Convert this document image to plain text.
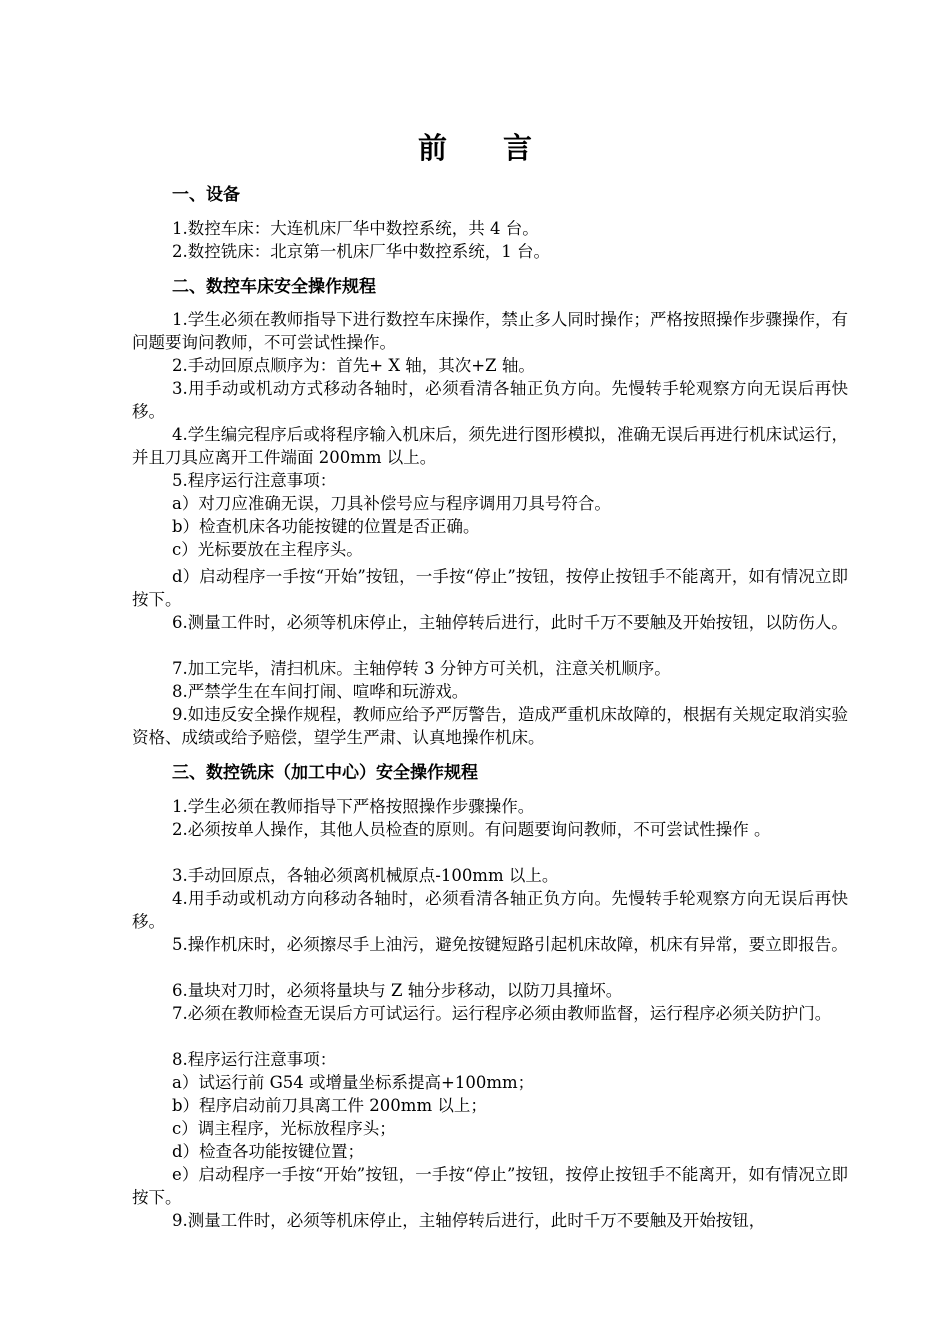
前言
一、设备
1.数控车床：大连机床厂华中数控系统，共 4 台。
2.数控铣床：北京第一机床厂华中数控系统，1 台。
二、数控车床安全操作规程
1.学生必须在教师指导下进行数控车床操作，禁止多人同时操作；严格按照操作步骤操作，有问题要询问教师，不可尝试性操作。
2.手动回原点顺序为：首先+ X 轴，其次+Z 轴。
3.用手动或机动方式移动各轴时，必须看清各轴正负方向。先慢转手轮观察方向无误后再快移。
4.学生编完程序后或将程序输入机床后，须先进行图形模拟，准确无误后再进行机床试运行，并且刀具应离开工件端面 200mm 以上。
5.程序运行注意事项：
a）对刀应准确无误，刀具补偿号应与程序调用刀具号符合。
b）检查机床各功能按键的位置是否正确。
c）光标要放在主程序头。
d）启动程序一手按“开始”按钮，一手按“停止”按钮，按停止按钮手不能离开，如有情况立即按下。
6.测量工件时，必须等机床停止，主轴停转后进行，此时千万不要触及开始按钮，以防伤人。
7.加工完毕，清扫机床。主轴停转 3 分钟方可关机，注意关机顺序。
8.严禁学生在车间打闹、喧哗和玩游戏。
9.如违反安全操作规程，教师应给予严厉警告，造成严重机床故障的，根据有关规定取消实验资格、成绩或给予赔偿，望学生严肃、认真地操作机床。
三、数控铣床（加工中心）安全操作规程
1.学生必须在教师指导下严格按照操作步骤操作。
2.必须按单人操作，其他人员检查的原则。有问题要询问教师，不可尝试性操作 。
3.手动回原点，各轴必须离机械原点-100mm 以上。
4.用手动或机动方向移动各轴时，必须看清各轴正负方向。先慢转手轮观察方向无误后再快移。
5.操作机床时，必须擦尽手上油污，避免按键短路引起机床故障，机床有异常，要立即报告。
6.量块对刀时，必须将量块与 Z 轴分步移动，以防刀具撞坏。
7.必须在教师检查无误后方可试运行。运行程序必须由教师监督，运行程序必须关防护门。
8.程序运行注意事项：
a）试运行前 G54 或增量坐标系提高+100mm；
b）程序启动前刀具离工件 200mm 以上；
c）调主程序，光标放程序头；
d）检查各功能按键位置；
e）启动程序一手按“开始”按钮，一手按“停止”按钮，按停止按钮手不能离开，如有情况立即按下。
9.测量工件时，必须等机床停止，主轴停转后进行，此时千万不要触及开始按钮，
